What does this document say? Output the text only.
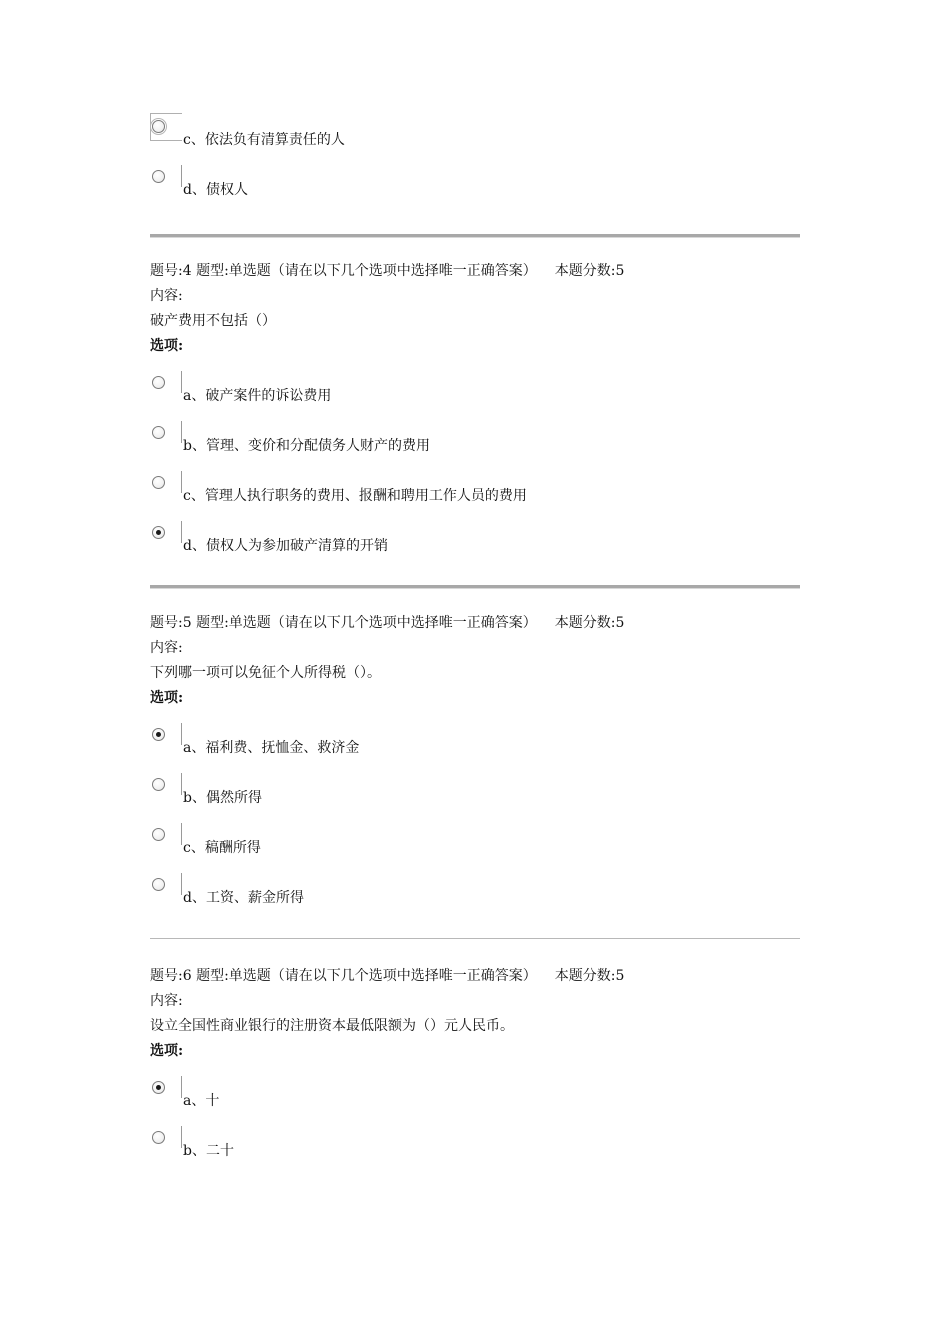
c、依法负有清算责任的人
d、债权人
题号:4 题型:单选题（请在以下几个选项中选择唯一正确答案） 本题分数:5
内容:
破产费用不包括（）
选项:
a、破产案件的诉讼费用
b、管理、变价和分配债务人财产的费用
c、管理人执行职务的费用、报酬和聘用工作人员的费用
d、债权人为参加破产清算的开销
题号:5 题型:单选题（请在以下几个选项中选择唯一正确答案） 本题分数:5
内容:
下列哪一项可以免征个人所得税（）。
选项:
a、福利费、抚恤金、救济金
b、偶然所得
c、稿酬所得
d、工资、薪金所得
题号:6 题型:单选题（请在以下几个选项中选择唯一正确答案） 本题分数:5
内容:
设立全国性商业银行的注册资本最低限额为（）元人民币。
选项:
a、十
b、二十
